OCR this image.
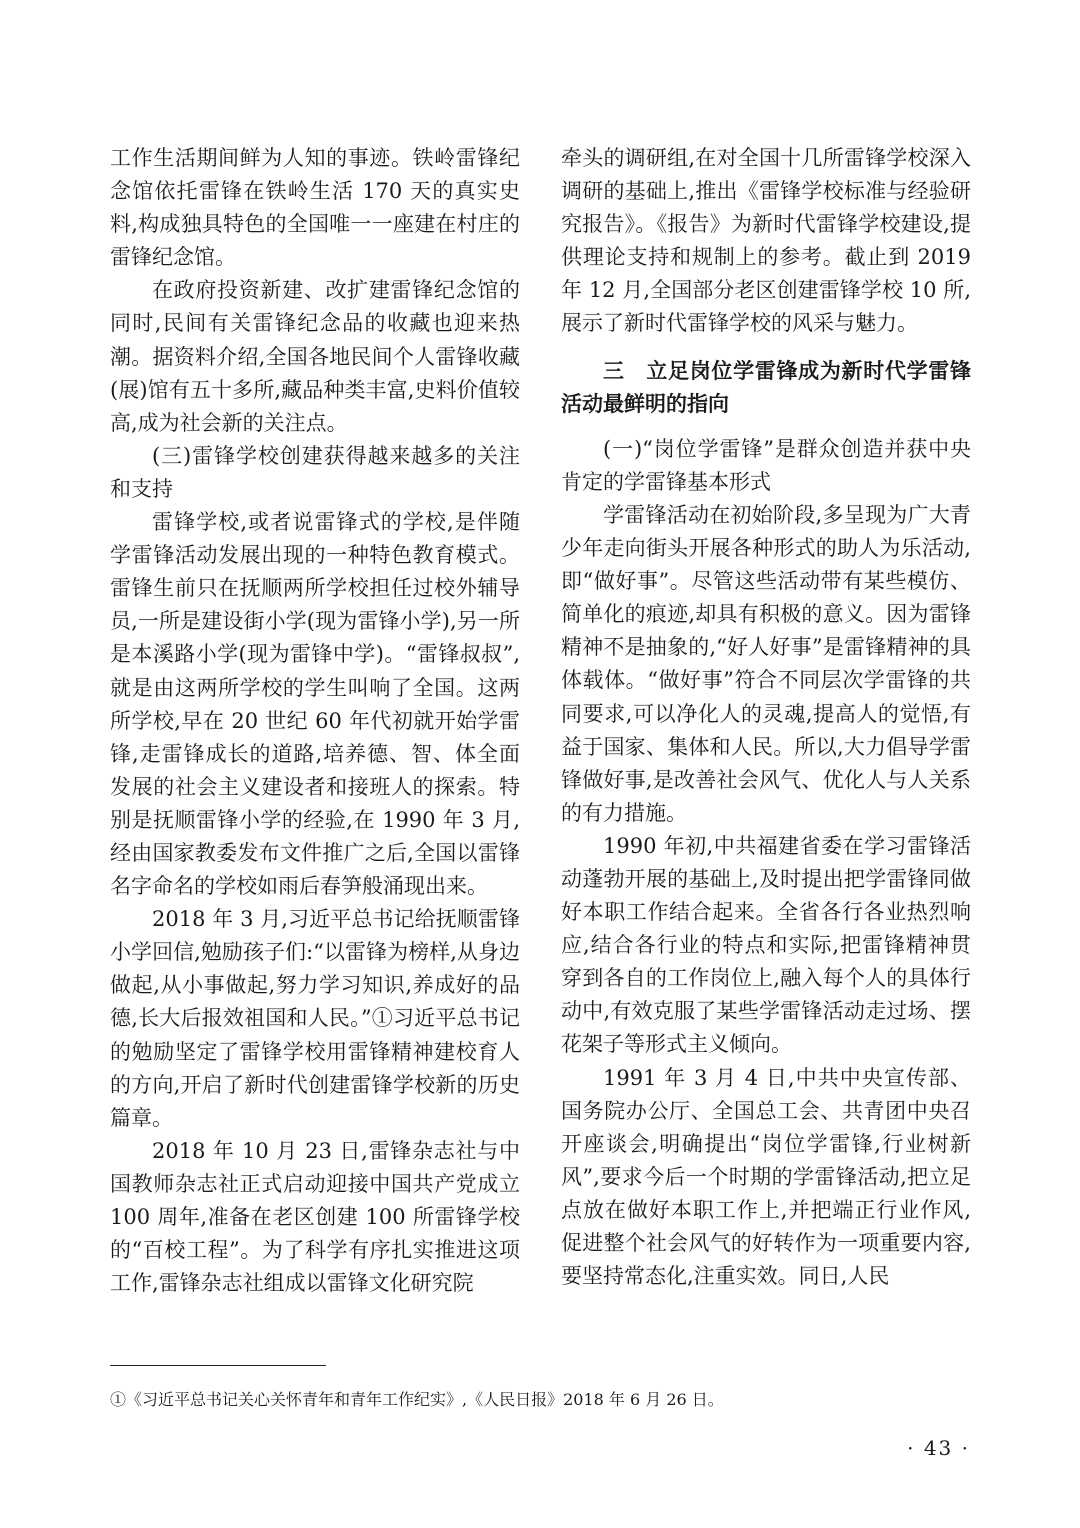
工作生活期间鲜为人知的事迹。铁岭雷锋纪念馆依托雷锋在铁岭生活 170 天的真实史料,构成独具特色的全国唯一一座建在村庄的雷锋纪念馆。

在政府投资新建、改扩建雷锋纪念馆的同时,民间有关雷锋纪念品的收藏也迎来热潮。据资料介绍,全国各地民间个人雷锋收藏(展)馆有五十多所,藏品种类丰富,史料价值较高,成为社会新的关注点。

(三)雷锋学校创建获得越来越多的关注和支持

雷锋学校,或者说雷锋式的学校,是伴随学雷锋活动发展出现的一种特色教育模式。雷锋生前只在抚顺两所学校担任过校外辅导员,一所是建设街小学(现为雷锋小学),另一所是本溪路小学(现为雷锋中学)。“雷锋叔叔”,就是由这两所学校的学生叫响了全国。这两所学校,早在 20 世纪 60 年代初就开始学雷锋,走雷锋成长的道路,培养德、智、体全面发展的社会主义建设者和接班人的探索。特别是抚顺雷锋小学的经验,在 1990 年 3 月,经由国家教委发布文件推广之后,全国以雷锋名字命名的学校如雨后春笋般涌现出来。

2018 年 3 月,习近平总书记给抚顺雷锋小学回信,勉励孩子们:“以雷锋为榜样,从身边做起,从小事做起,努力学习知识,养成好的品德,长大后报效祖国和人民。”①习近平总书记的勉励坚定了雷锋学校用雷锋精神建校育人的方向,开启了新时代创建雷锋学校新的历史篇章。

2018 年 10 月 23 日,雷锋杂志社与中国教师杂志社正式启动迎接中国共产党成立 100 周年,准备在老区创建 100 所雷锋学校的“百校工程”。为了科学有序扎实推进这项工作,雷锋杂志社组成以雷锋文化研究院

牵头的调研组,在对全国十几所雷锋学校深入调研的基础上,推出《雷锋学校标准与经验研究报告》。《报告》为新时代雷锋学校建设,提供理论支持和规制上的参考。截止到 2019 年 12 月,全国部分老区创建雷锋学校 10 所,展示了新时代雷锋学校的风采与魅力。

三　立足岗位学雷锋成为新时代学雷锋活动最鲜明的指向

(一)“岗位学雷锋”是群众创造并获中央肯定的学雷锋基本形式

学雷锋活动在初始阶段,多呈现为广大青少年走向街头开展各种形式的助人为乐活动,即“做好事”。尽管这些活动带有某些模仿、简单化的痕迹,却具有积极的意义。因为雷锋精神不是抽象的,“好人好事”是雷锋精神的具体载体。“做好事”符合不同层次学雷锋的共同要求,可以净化人的灵魂,提高人的觉悟,有益于国家、集体和人民。所以,大力倡导学雷锋做好事,是改善社会风气、优化人与人关系的有力措施。

1990 年初,中共福建省委在学习雷锋活动蓬勃开展的基础上,及时提出把学雷锋同做好本职工作结合起来。全省各行各业热烈响应,结合各行业的特点和实际,把雷锋精神贯穿到各自的工作岗位上,融入每个人的具体行动中,有效克服了某些学雷锋活动走过场、摆花架子等形式主义倾向。

1991 年 3 月 4 日,中共中央宣传部、国务院办公厅、全国总工会、共青团中央召开座谈会,明确提出“岗位学雷锋,行业树新风”,要求今后一个时期的学雷锋活动,把立足点放在做好本职工作上,并把端正行业作风,促进整个社会风气的好转作为一项重要内容,要坚持常态化,注重实效。同日,人民

①《习近平总书记关心关怀青年和青年工作纪实》,《人民日报》2018 年 6 月 26 日。
· 43 ·
